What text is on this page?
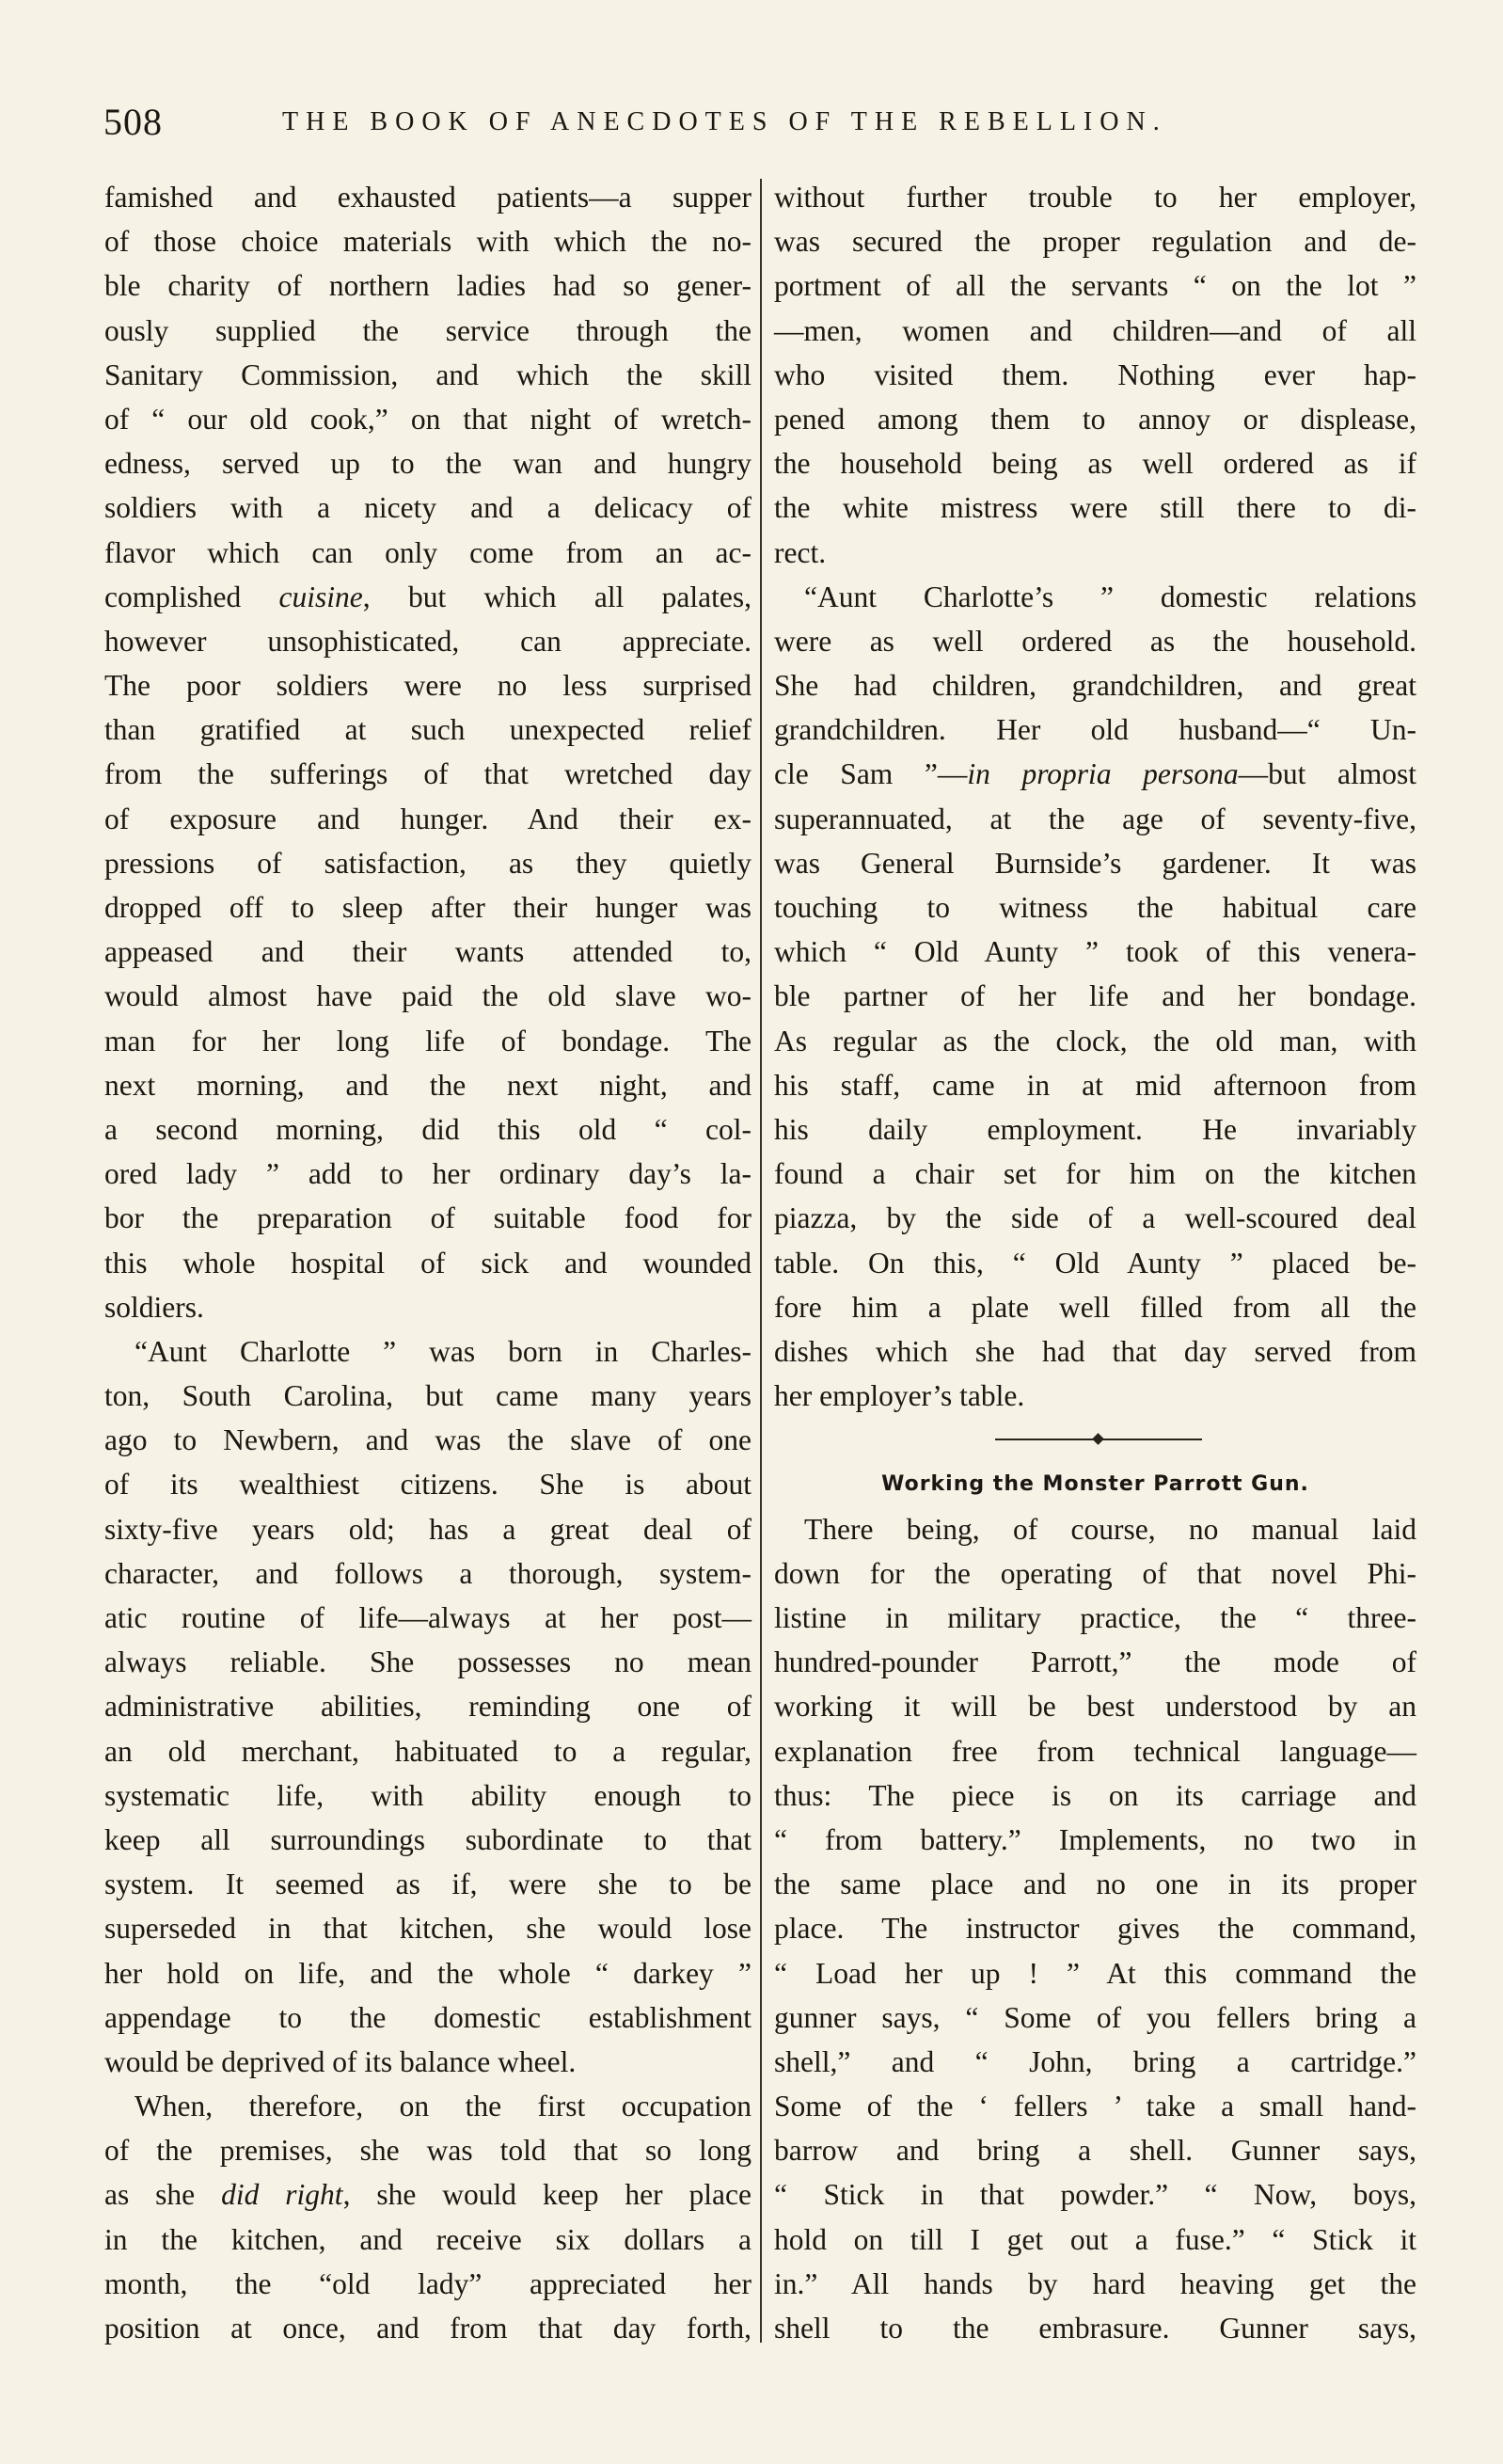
508	THE BOOK OF ANECDOTES OF THE REBELLION.
famished and exhausted patients—a supper
of those choice materials with which the no-
ble charity of northern ladies had so gener-
ously supplied the service through the
Sanitary Commission, and which the skill
of “ our old cook,” on that night of wretch-
edness, served up to the wan and hungry
soldiers with a nicety and a delicacy of
flavor which can only come from an ac-
complished cuisine, but which all palates,
however unsophisticated, can appreciate.
The poor soldiers were no less surprised
than gratified at such unexpected relief
from the sufferings of that wretched day
of exposure and hunger. And their ex-
pressions of satisfaction, as they quietly
dropped off to sleep after their hunger was
appeased and their wants attended to,
would almost have paid the old slave wo-
man for her long life of bondage. The
next morning, and the next night, and
a second morning, did this old “ col-
ored lady ” add to her ordinary day’s la-
bor the preparation of suitable food for
this whole hospital of sick and wounded
soldiers.
“Aunt Charlotte ” was born in Charles-
ton, South Carolina, but came many years
ago to Newbern, and was the slave of one
of its wealthiest citizens. She is about
sixty-five years old; has a great deal of
character, and follows a thorough, system-
atic routine of life—always at her post—
always reliable. She possesses no mean
administrative abilities, reminding one of
an old merchant, habituated to a regular,
systematic life, with ability enough to
keep all surroundings subordinate to that
system. It seemed as if, were she to be
superseded in that kitchen, she would lose
her hold on life, and the whole “ darkey ”
appendage to the domestic establishment
would be deprived of its balance wheel.
When, therefore, on the first occupation
of the premises, she was told that so long
as she did right, she would keep her place
in the kitchen, and receive six dollars a
month, the “old lady” appreciated her
position at once, and from that day forth,
without further trouble to her employer,
was secured the proper regulation and de-
portment of all the servants “ on the lot ”
—men, women and children—and of all
who visited them. Nothing ever hap-
pened among them to annoy or displease,
the household being as well ordered as if
the white mistress were still there to di-
rect.
“Aunt Charlotte’s ” domestic relations
were as well ordered as the household.
She had children, grandchildren, and great
grandchildren. Her old husband—“ Un-
cle Sam ”—in propria persona—but almost
superannuated, at the age of seventy-five,
was General Burnside’s gardener. It was
touching to witness the habitual care
which “ Old Aunty ” took of this venera-
ble partner of her life and her bondage.
As regular as the clock, the old man, with
his staff, came in at mid afternoon from
his daily employment. He invariably
found a chair set for him on the kitchen
piazza, by the side of a well-scoured deal
table. On this, “ Old Aunty ” placed be-
fore him a plate well filled from all the
dishes which she had that day served from
her employer’s table.
Working the Monster Parrott Gun.
There being, of course, no manual laid
down for the operating of that novel Phi-
listine in military practice, the “ three-
hundred-pounder Parrott,” the mode of
working it will be best understood by an
explanation free from technical language—
thus: The piece is on its carriage and
“ from battery.” Implements, no two in
the same place and no one in its proper
place. The instructor gives the command,
“ Load her up ! ” At this command the
gunner says, “ Some of you fellers bring a
shell,” and “ John, bring a cartridge.”
Some of the ‘ fellers ’ take a small hand-
barrow and bring a shell. Gunner says,
“ Stick in that powder.” “ Now, boys,
hold on till I get out a fuse.” “ Stick it
in.” All hands by hard heaving get the
shell to the embrasure. Gunner says,
